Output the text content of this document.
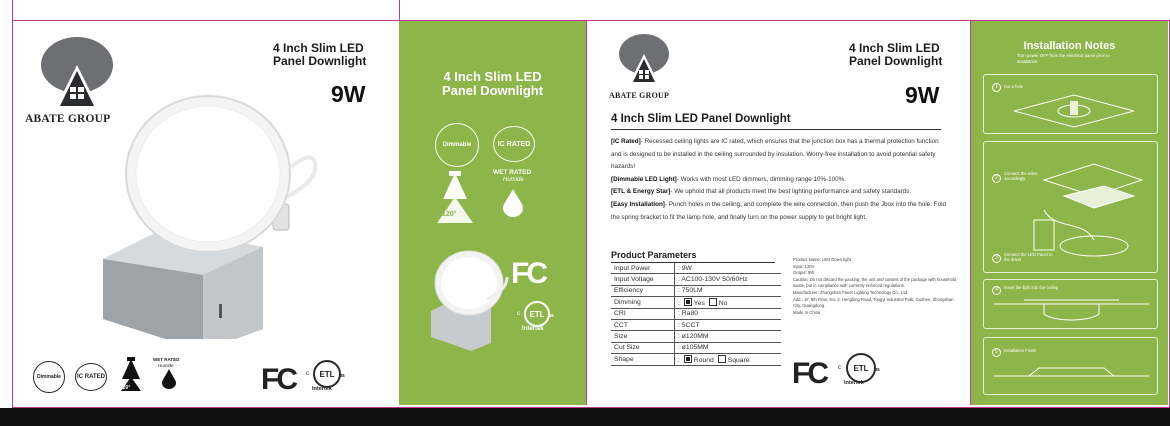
ABATE GROUP
4 Inch Slim LED
Panel Downlight
9W
Dimmable	IC RATED
120°
WET RATED
Humide	FC	ETL
c	us
Intertek
4 Inch Slim LED
Panel Downlight
Dimmable	IC RATED
120°
WET RATED
Humide
FC
ETL
c	us
Intertek
ABATE GROUP
4 Inch Slim LED
Panel Downlight
9W
4 Inch Slim LED Panel Downlight

[IC Rated]- Recessed ceiling lights are IC rated, which ensures that the junction box has a thermal protection function and is designed to be installed in the ceiling surrounded by insulation. Worry-free installation to avoid potential safety hazards!

[Dimmable LED Light]- Works with most LED dimmers, dimming range 10%-100%.

[ETL & Energy Star]- We uphold that all products meet the best lighting performance and safety standards.

[Easy Installation]- Punch holes in the ceiling, and complete the wire connection, then push the Jbox into the hole. Fold the spring bracket to fit the lamp hole, and finally turn on the power supply to get bright light.

Product Parameters
Input Power	: 9W
Input Voltage	: AC100-130V 50/60Hz
Efficiency	: 750LM
Dimming	: Yes No
CRI	: Ra80
CCT	: 5CCT
Size	: ø120MM
Cut Size	: ø105MM
Shape	: Round Square
Product Name: LED Down light
Input: 120V
Output: 9W
Caution: Do not discard the packing, the unit and content of the package with household waste, but in compliance with currently enforced regulations.
Manufacturer: Zhongshan Faner Lighting Technology Co., Ltd.
Add.: 1#, 5th Floor, No. 2, Hengbing Road, Tongyi Industrial Park, Guzhen, Zhongshan City, Guangdong.
Made In China
FC	ETL
c	us
Intertek
Installation Notes
Turn power OFF from the electrical panel prior to installation.
1	Cut a hole
2
Connect the wires accordingly
3
Connect the LED Panel to the driver
4	Insert the light into the ceiling
5	Installation Finish
